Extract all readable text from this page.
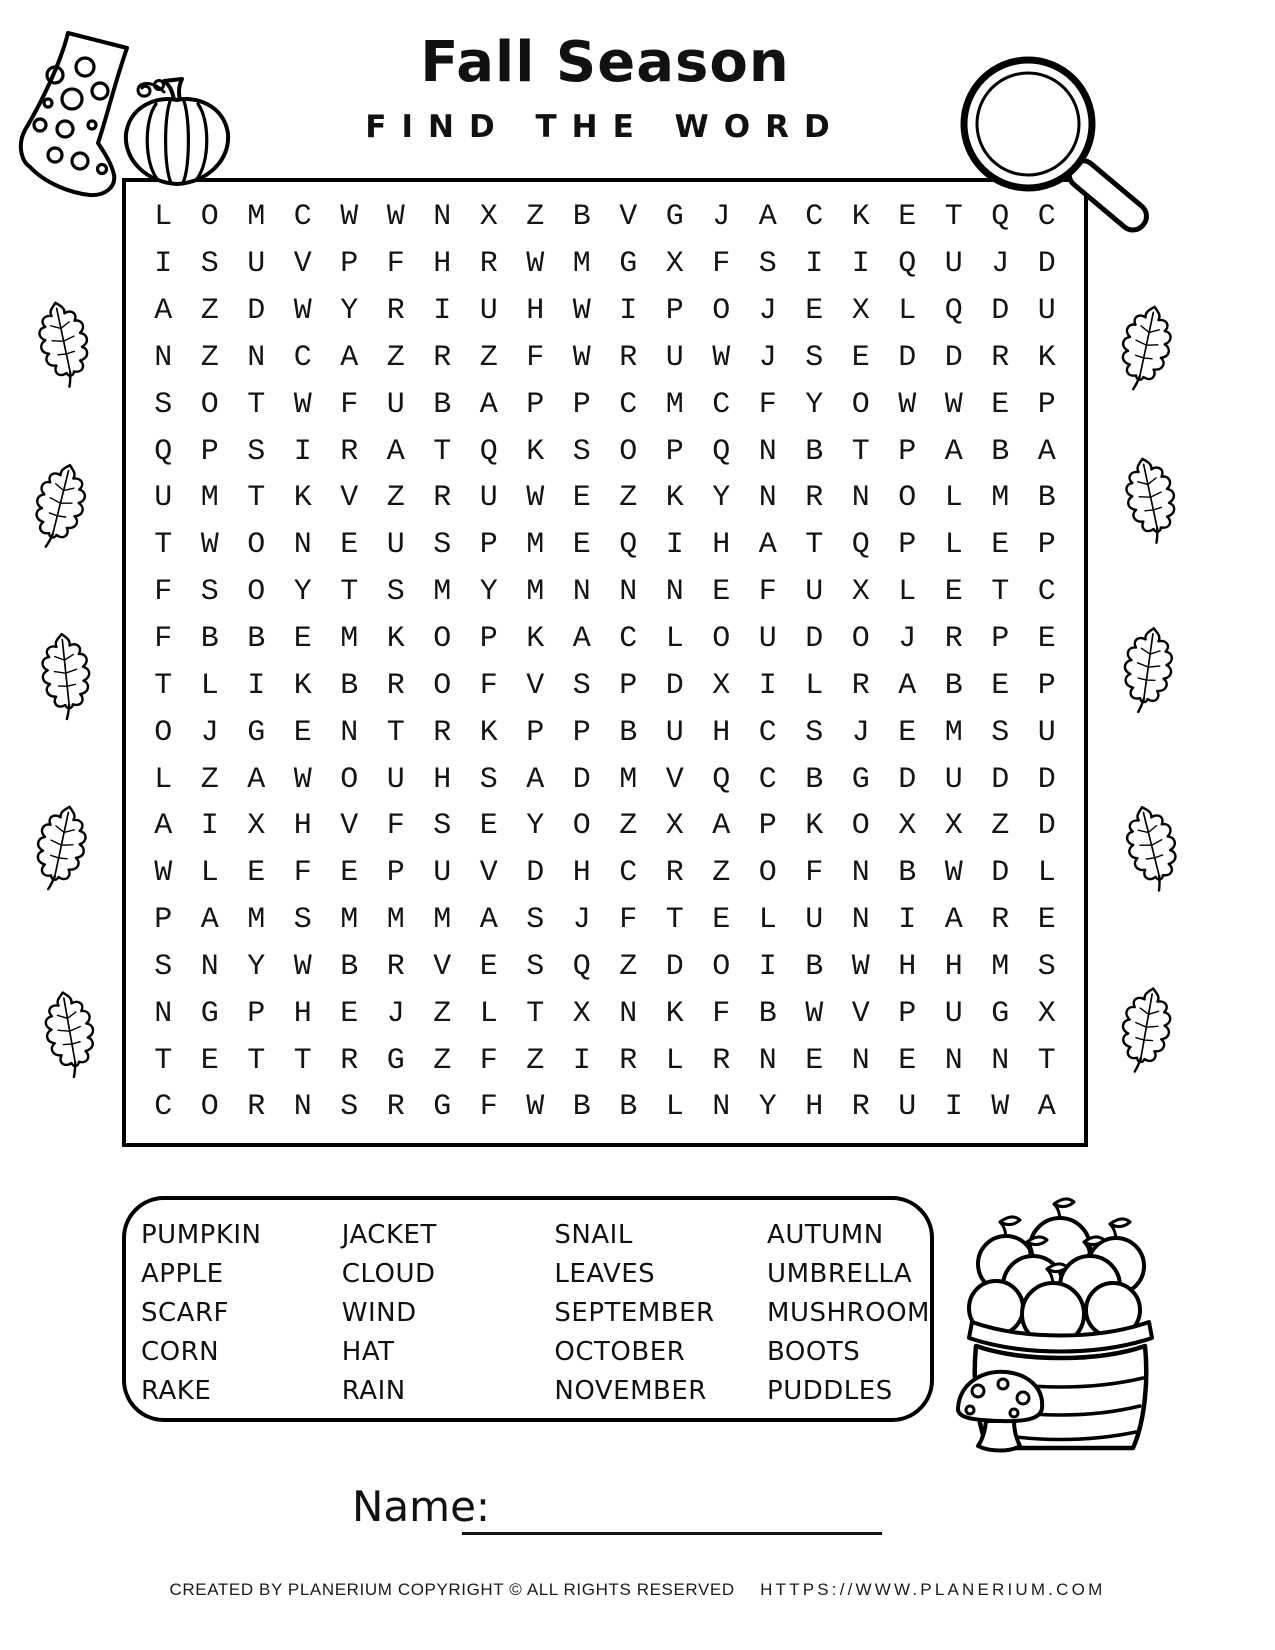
Fall Season
FIND THE WORD
L O M C W W N X Z B V G J A C K E T Q C
I S U V P F H R W M G X F S I I Q U J D
A Z D W Y R I U H W I P O J E X L Q D U
N Z N C A Z R Z F W R U W J S E D D R K
S O T W F U B A P P C M C F Y O W W E P
Q P S I R A T Q K S O P Q N B T P A B A
U M T K V Z R U W E Z K Y N R N O L M B
T W O N E U S P M E Q I H A T Q P L E P
F S O Y T S M Y M N N N E F U X L E T C
F B B E M K O P K A C L O U D O J R P E
T L I K B R O F V S P D X I L R A B E P
O J G E N T R K P P B U H C S J E M S U
L Z A W O U H S A D M V Q C B G D U D D
A I X H V F S E Y O Z X A P K O X X Z D
W L E F E P U V D H C R Z O F N B W D L
P A M S M M M A S J F T E L U N I A R E
S N Y W B R V E S Q Z D O I B W H H M S
N G P H E J Z L T X N K F B W V P U G X
T E T T R G Z F Z I R L R N E N E N N T
C O R N S R G F W B B L N Y H R U I W A
PUMPKIN
APPLE
SCARF
CORN
RAKE
JACKET
CLOUD
WIND
HAT
RAIN
SNAIL
LEAVES
SEPTEMBER
OCTOBER
NOVEMBER
AUTUMN
UMBRELLA
MUSHROOM
BOOTS
PUDDLES
Name:
CREATED BY PLANERIUM COPYRIGHT © ALL RIGHTS RESERVED HTTPS://WWW.PLANERIUM.COM
